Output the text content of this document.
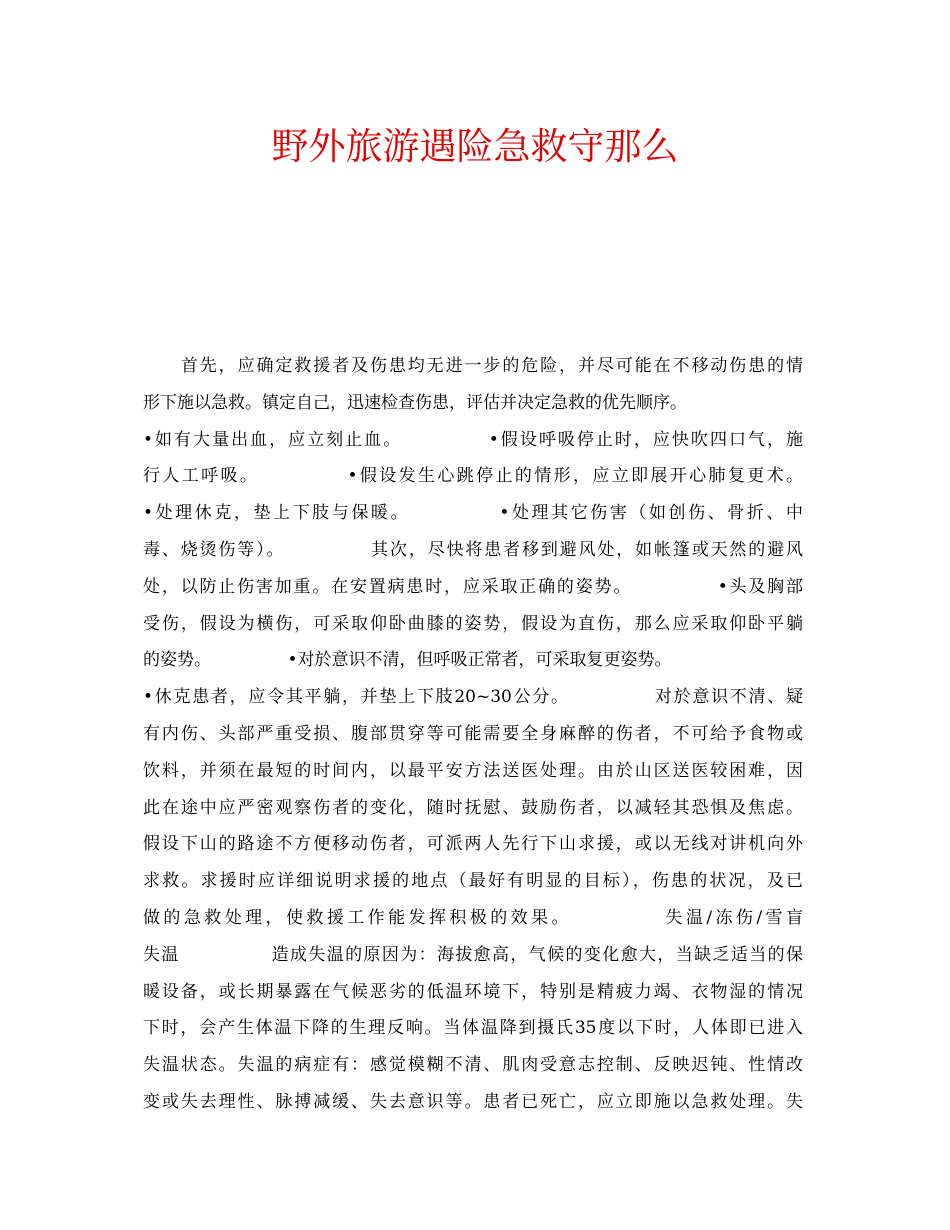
野外旅游遇险急救守那么
　　首先，应确定救援者及伤患均无进一步的危险，并尽可能在不移动伤患的情
形下施以急救。镇定自己，迅速检查伤患，评估并决定急救的优先顺序。
•如有大量出血，应立刻止血。　　　　　•假设呼吸停止时，应快吹四口气，施
行人工呼吸。　　　　　•假设发生心跳停止的情形，应立即展开心肺复更术。
•处理休克，垫上下肢与保暖。　　　　　•处理其它伤害（如创伤、骨折、中
毒、烧烫伤等）。　　　　　其次，尽快将患者移到避风处，如帐篷或天然的避风
处，以防止伤害加重。在安置病患时，应采取正确的姿势。　　　　　•头及胸部
受伤，假设为横伤，可采取仰卧曲膝的姿势，假设为直伤，那么应采取仰卧平躺
的姿势。　　　　　•对於意识不清，但呼吸正常者，可采取复更姿势。
•休克患者，应令其平躺，并垫上下肢20~30公分。　　　　　对於意识不清、疑
有内伤、头部严重受损、腹部贯穿等可能需要全身麻醉的伤者，不可给予食物或
饮料，并须在最短的时间内，以最平安方法送医处理。由於山区送医较困难，因
此在途中应严密观察伤者的变化，随时抚慰、鼓励伤者，以减轻其恐惧及焦虑。
假设下山的路途不方便移动伤者，可派两人先行下山求援，或以无线对讲机向外
求救。求援时应详细说明求援的地点（最好有明显的目标），伤患的状况，及已
做的急救处理，使救援工作能发挥积极的效果。　　　　　失温/冻伤/雪盲
失温　　　　　造成失温的原因为：海拔愈高，气候的变化愈大，当缺乏适当的保
暖设备，或长期暴露在气候恶劣的低温环境下，特别是精疲力竭、衣物湿的情况
下时，会产生体温下降的生理反响。当体温降到摄氏35度以下时，人体即已进入
失温状态。失温的病症有：感觉模糊不清、肌肉受意志控制、反映迟钝、性情改
变或失去理性、脉搏减缓、失去意识等。患者已死亡，应立即施以急救处理。失
